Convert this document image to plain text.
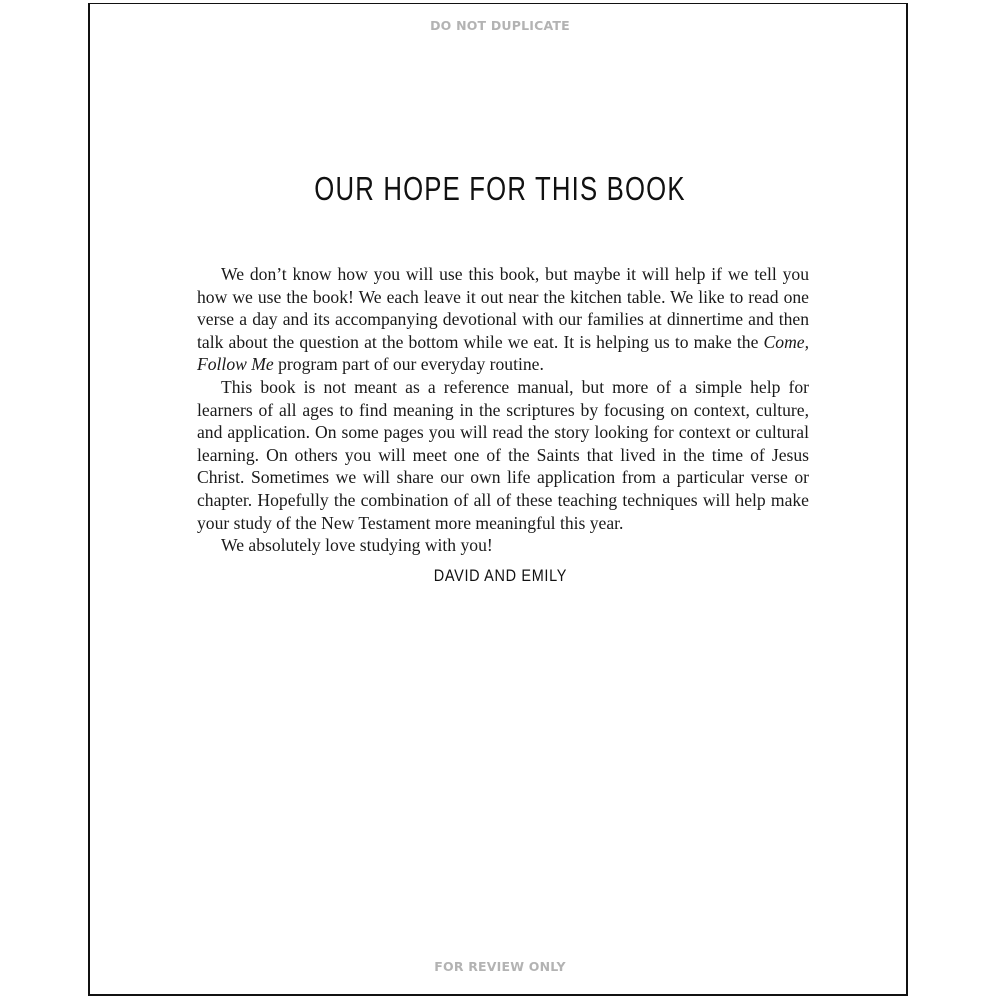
DO NOT DUPLICATE
OUR HOPE FOR THIS BOOK

We don’t know how you will use this book, but maybe it will help if we tell you how we use the book! We each leave it out near the kitchen table. We like to read one verse a day and its accompanying devotional with our families at dinnertime and then talk about the question at the bottom while we eat. It is helping us to make the Come, Follow Me program part of our everyday routine.

This book is not meant as a reference manual, but more of a simple help for learners of all ages to find meaning in the scriptures by focusing on context, culture, and application. On some pages you will read the story looking for context or cultural learning. On others you will meet one of the Saints that lived in the time of Jesus Christ. Sometimes we will share our own life application from a particular verse or chapter. Hopefully the combination of all of these teaching techniques will help make your study of the New Testament more meaningful this year.

We absolutely love studying with you!

DAVID AND EMILY
FOR REVIEW ONLY
